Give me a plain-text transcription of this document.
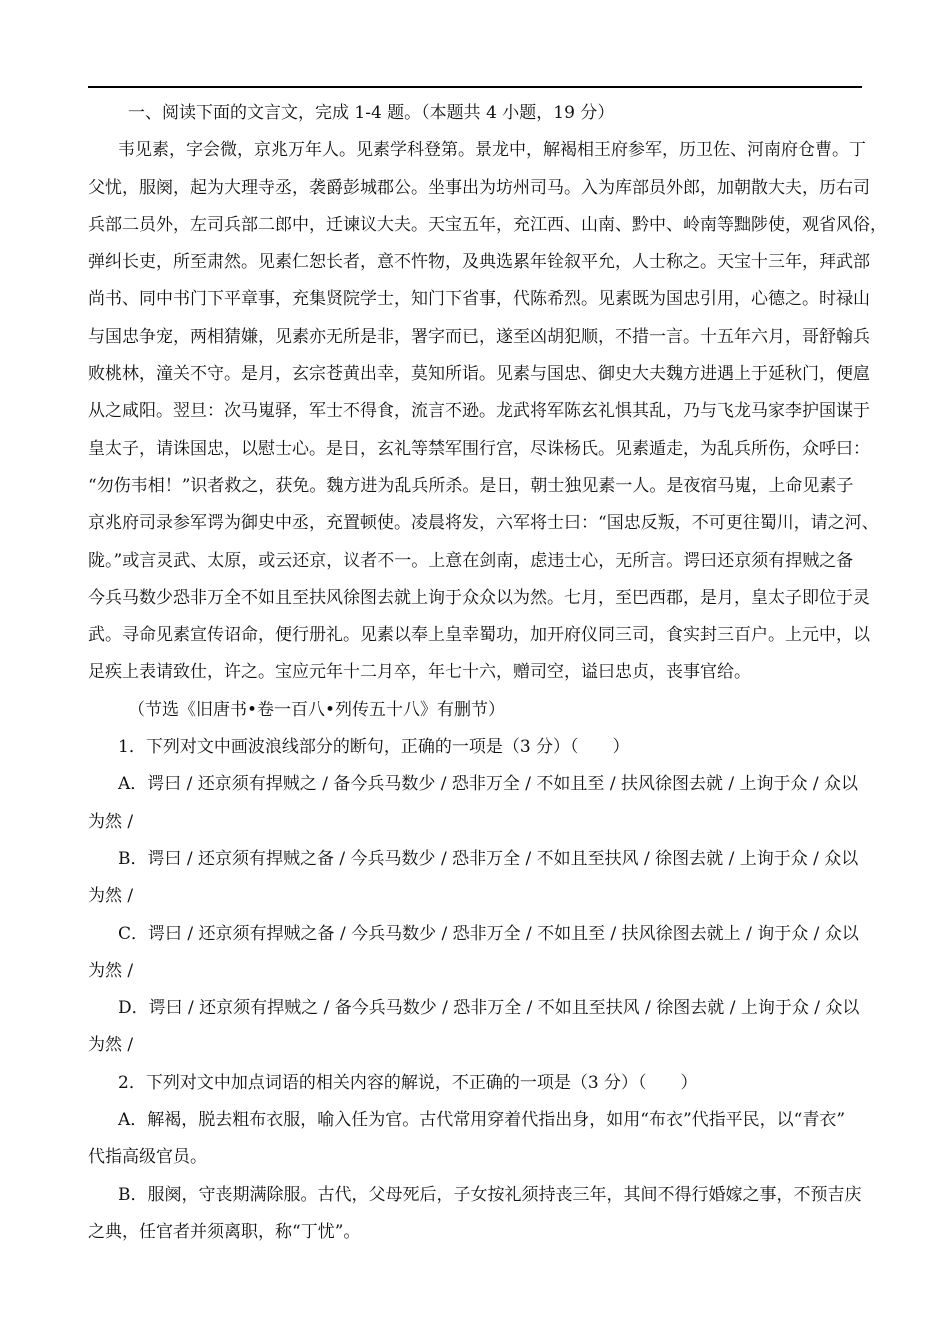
一、阅读下面的文言文，完成 1-4 题。（本题共 4 小题，19 分）
韦见素，字会微，京兆万年人。见素学科登第。景龙中，解褐相王府参军，历卫佐、河南府仓曹。丁
父忧，服阕，起为大理寺丞，袭爵彭城郡公。坐事出为坊州司马。入为库部员外郎，加朝散大夫，历右司
兵部二员外，左司兵部二郎中，迁谏议大夫。天宝五年，充江西、山南、黔中、岭南等黜陟使，观省风俗，
弹纠长吏，所至肃然。见素仁恕长者，意不忤物，及典选累年铨叙平允，人士称之。天宝十三年，拜武部
尚书、同中书门下平章事，充集贤院学士，知门下省事，代陈希烈。见素既为国忠引用，心德之。时禄山
与国忠争宠，两相猜嫌，见素亦无所是非，署字而已，遂至凶胡犯顺，不措一言。十五年六月，哥舒翰兵
败桃林，潼关不守。是月，玄宗苍黄出幸，莫知所诣。见素与国忠、御史大夫魏方进遇上于延秋门，便扈
从之咸阳。翌旦：次马嵬驿，军士不得食，流言不逊。龙武将军陈玄礼惧其乱，乃与飞龙马家李护国谋于
皇太子，请诛国忠，以慰士心。是日，玄礼等禁军围行宫，尽诛杨氏。见素遁走，为乱兵所伤，众呼曰：
“勿伤韦相！”识者救之，获免。魏方进为乱兵所杀。是日，朝士独见素一人。是夜宿马嵬，上命见素子
京兆府司录参军谔为御史中丞，充置顿使。凌晨将发，六军将士曰：“国忠反叛，不可更往蜀川，请之河、
陇。”或言灵武、太原，或云还京，议者不一。上意在剑南，虑违士心，无所言。谔曰还京须有捍贼之备
今兵马数少恐非万全不如且至扶风徐图去就上询于众众以为然。七月，至巴西郡，是月，皇太子即位于灵
武。寻命见素宣传诏命，便行册礼。见素以奉上皇幸蜀功，加开府仪同三司，食实封三百户。上元中，以
足疾上表请致仕，许之。宝应元年十二月卒，年七十六，赠司空，谥曰忠贞，丧事官给。
（节选《旧唐书•卷一百八•列传五十八》有删节）
1．下列对文中画波浪线部分的断句，正确的一项是（3 分）（　　）
A．谔曰 / 还京须有捍贼之 / 备今兵马数少 / 恐非万全 / 不如且至 / 扶风徐图去就 / 上询于众 / 众以
为然 /
B．谔曰 / 还京须有捍贼之备 / 今兵马数少 / 恐非万全 / 不如且至扶风 / 徐图去就 / 上询于众 / 众以
为然 /
C．谔曰 / 还京须有捍贼之备 / 今兵马数少 / 恐非万全 / 不如且至 / 扶风徐图去就上 / 询于众 / 众以
为然 /
D．谔曰 / 还京须有捍贼之 / 备今兵马数少 / 恐非万全 / 不如且至扶风 / 徐图去就 / 上询于众 / 众以
为然 /
2．下列对文中加点词语的相关内容的解说，不正确的一项是（3 分）（　　）
A．解褐，脱去粗布衣服，喻入任为官。古代常用穿着代指出身，如用“布衣”代指平民，以“青衣”
代指高级官员。
B．服阕，守丧期满除服。古代，父母死后，子女按礼须持丧三年，其间不得行婚嫁之事，不预吉庆
之典，任官者并须离职，称“丁忧”。
